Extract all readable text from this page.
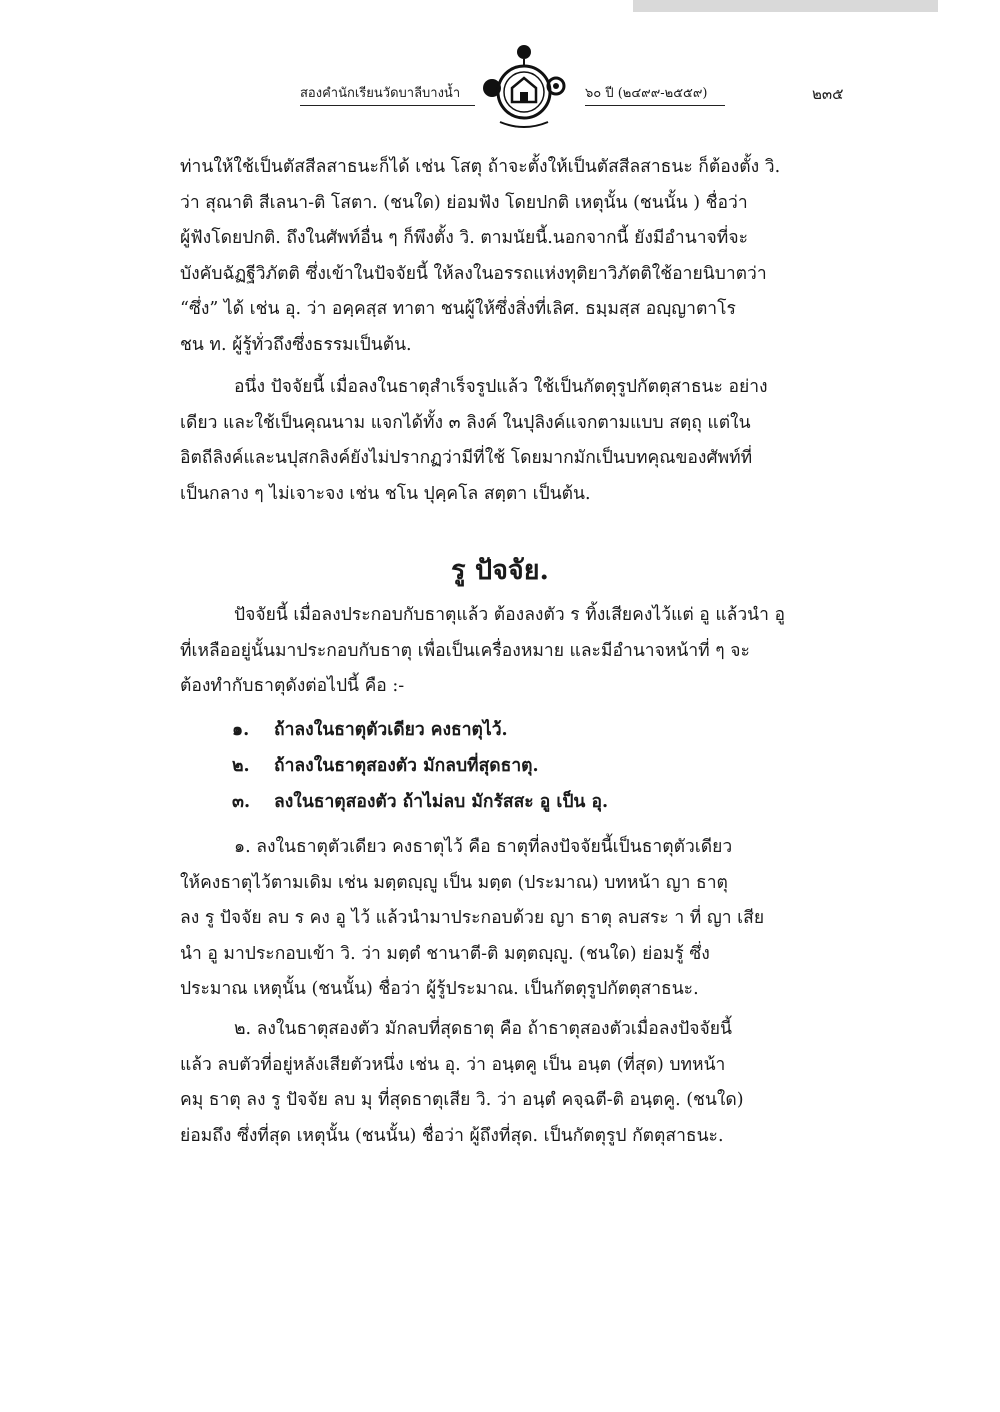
สองคำนักเรียนวัดบาลีบางน้ำ	๖๐ ปี (๒๔๙๙-๒๕๕๙)	๒๓๕

ท่านให้ใช้เป็นตัสสีลสาธนะก็ได้ เช่น โสตุ ถ้าจะตั้งให้เป็นตัสสีลสาธนะ ก็ต้องตั้ง วิ.

ว่า สุณาติ สีเลนา-ติ โสตา. (ชนใด) ย่อมฟัง โดยปกติ เหตุนั้น (ชนนั้น ) ชื่อว่า

ผู้ฟังโดยปกติ. ถึงในศัพท์อื่น ๆ ก็พึงตั้ง วิ. ตามนัยนี้.นอกจากนี้ ยังมีอำนาจที่จะ

บังคับฉัฏฐีวิภัตติ ซึ่งเข้าในปัจจัยนี้ ให้ลงในอรรถแห่งทุติยาวิภัตติใช้อายนิบาตว่า

“ซึ่ง” ได้ เช่น อุ. ว่า อคฺคสฺส ทาตา ชนผู้ให้ซึ่งสิ่งที่เลิศ. ธมฺมสฺส อญฺญาตาโร

ชน ท. ผู้รู้ทั่วถึงซึ่งธรรมเป็นต้น.

อนึ่ง ปัจจัยนี้ เมื่อลงในธาตุสำเร็จรูปแล้ว ใช้เป็นกัตตุรูปกัตตุสาธนะ อย่าง

เดียว และใช้เป็นคุณนาม แจกได้ทั้ง ๓ ลิงค์ ในปุลิงค์แจกตามแบบ สตฺถุ แต่ใน

อิตถีลิงค์และนปุสกลิงค์ยังไม่ปรากฏว่ามีที่ใช้ โดยมากมักเป็นบทคุณของศัพท์ที่

เป็นกลาง ๆ ไม่เจาะจง เช่น ชโน ปุคฺคโล สตฺตา เป็นต้น.

รู ปัจจัย.

ปัจจัยนี้ เมื่อลงประกอบกับธาตุแล้ว ต้องลงตัว ร ทิ้งเสียคงไว้แต่ อู แล้วนำ อู

ที่เหลืออยู่นั้นมาประกอบกับธาตุ เพื่อเป็นเครื่องหมาย และมีอำนาจหน้าที่ ๆ จะ

ต้องทำกับธาตุดังต่อไปนี้ คือ :-

๑.	ถ้าลงในธาตุตัวเดียว คงธาตุไว้.
๒.	ถ้าลงในธาตุสองตัว มักลบที่สุดธาตุ.
๓.	ลงในธาตุสองตัว ถ้าไม่ลบ มักรัสสะ อู เป็น อุ.

๑. ลงในธาตุตัวเดียว คงธาตุไว้ คือ ธาตุที่ลงปัจจัยนี้เป็นธาตุตัวเดียว

ให้คงธาตุไว้ตามเดิม เช่น มตฺตญฺญู เป็น มตฺต (ประมาณ) บทหน้า ญา ธาตุ

ลง รู ปัจจัย ลบ ร คง อู ไว้ แล้วนำมาประกอบด้วย ญา ธาตุ ลบสระ า ที่ ญา เสีย

นำ อู มาประกอบเข้า วิ. ว่า มตฺตํ ชานาตี-ติ มตฺตญฺญู. (ชนใด) ย่อมรู้ ซึ่ง

ประมาณ เหตุนั้น (ชนนั้น) ชื่อว่า ผู้รู้ประมาณ. เป็นกัตตุรูปกัตตุสาธนะ.

๒. ลงในธาตุสองตัว มักลบที่สุดธาตุ คือ ถ้าธาตุสองตัวเมื่อลงปัจจัยนี้

แล้ว ลบตัวที่อยู่หลังเสียตัวหนึ่ง เช่น อุ. ว่า อนฺตคู เป็น อนฺต (ที่สุด) บทหน้า

คมุ ธาตุ ลง รู ปัจจัย ลบ มุ ที่สุดธาตุเสีย วิ. ว่า อนฺตํ คจฺฉตี-ติ อนฺตคู. (ชนใด)

ย่อมถึง ซึ่งที่สุด เหตุนั้น (ชนนั้น) ชื่อว่า ผู้ถึงที่สุด. เป็นกัตตุรูป กัตตุสาธนะ.
